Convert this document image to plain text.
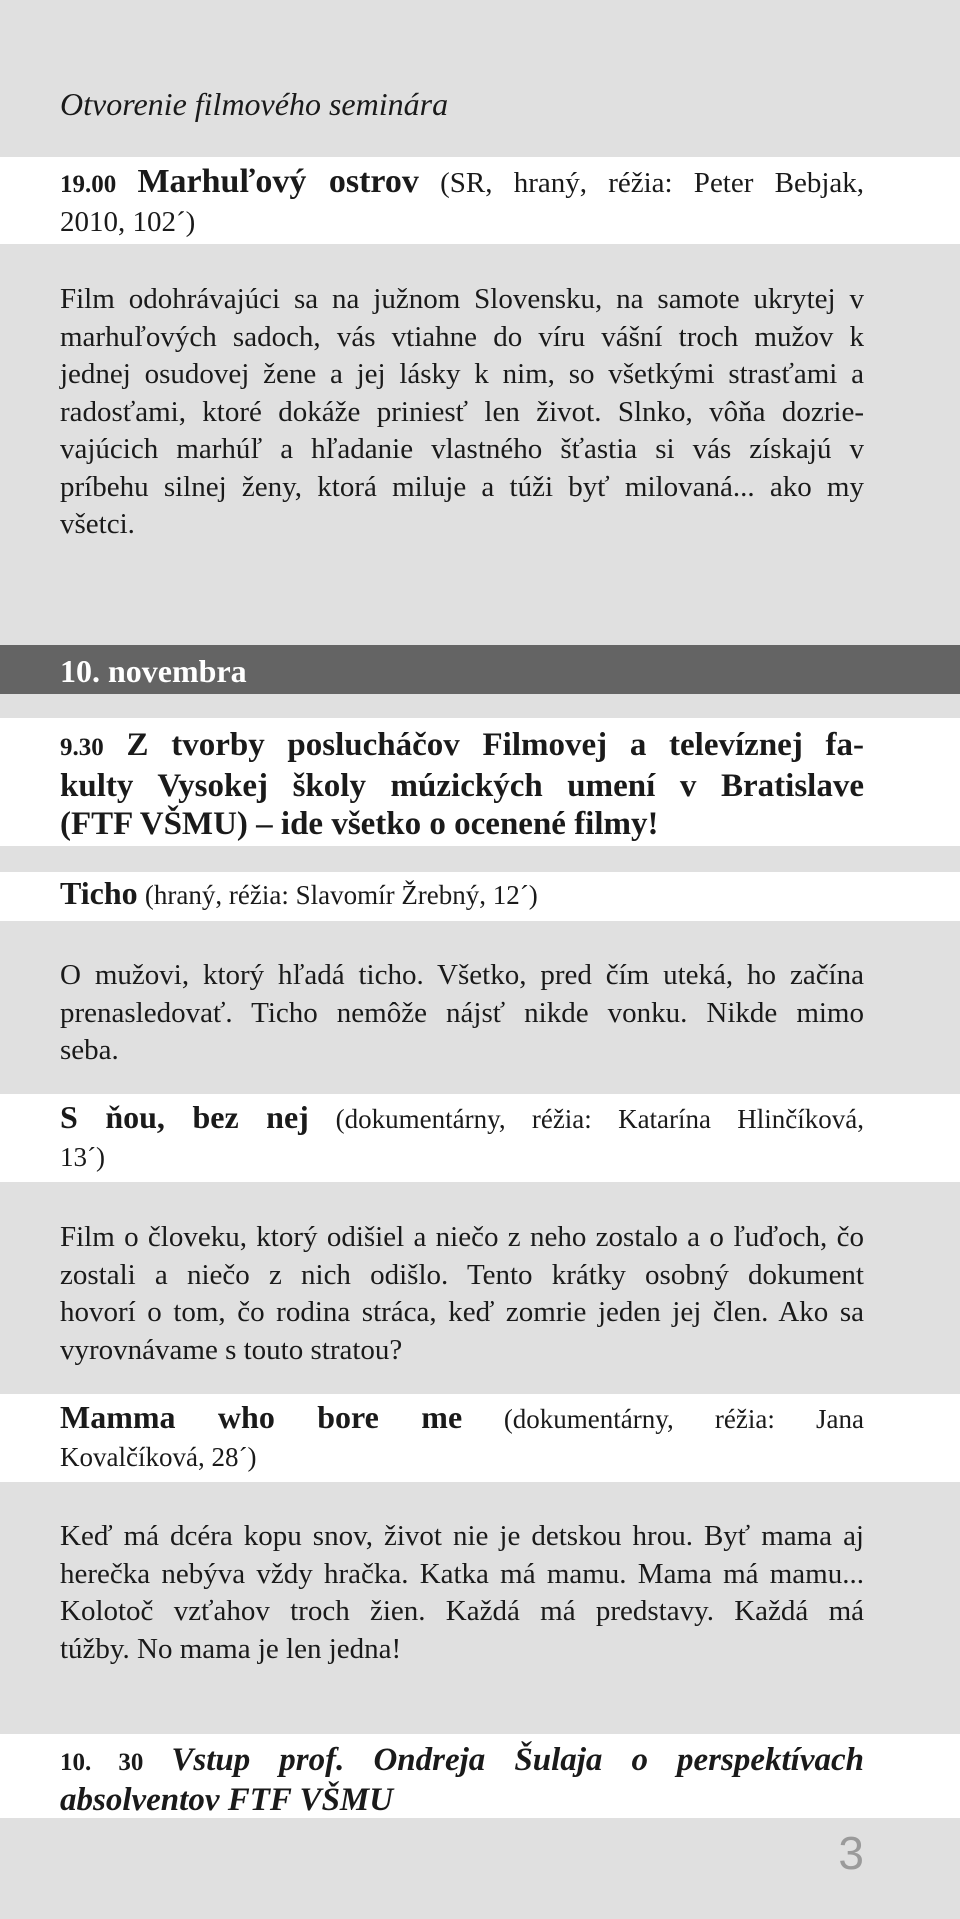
Otvorenie filmového seminára
19.00 Marhuľový ostrov (SR, hraný, réžia: Peter Bebjak,
2010, 102´)
Film odohrávajúci sa na južnom Slovensku, na samote ukrytej v
marhuľových sadoch, vás vtiahne do víru vášní troch mužov k
jednej osudovej žene a jej lásky k nim, so všetkými strasťami a
radosťami, ktoré dokáže priniesť len život. Slnko, vôňa dozrie-
vajúcich marhúľ a hľadanie vlastného šťastia si vás získajú v
príbehu silnej ženy, ktorá miluje a túži byť milovaná... ako my
všetci.
10. novembra
9.30 Z tvorby poslucháčov Filmovej a televíznej fa-
kulty Vysokej školy múzických umení v Bratislave
(FTF VŠMU) – ide všetko o ocenené filmy!
Ticho (hraný, réžia: Slavomír Žrebný, 12´)
O mužovi, ktorý hľadá ticho. Všetko, pred čím uteká, ho začína
prenasledovať. Ticho nemôže nájsť nikde vonku. Nikde mimo
seba.
S ňou, bez nej (dokumentárny, réžia: Katarína Hlinčíková,
13´)
Film o človeku, ktorý odišiel a niečo z neho zostalo a o ľuďoch, čo
zostali a niečo z nich odišlo. Tento krátky osobný dokument
hovorí o tom, čo rodina stráca, keď zomrie jeden jej člen. Ako sa
vyrovnávame s touto stratou?
Mamma who bore me (dokumentárny, réžia: Jana
Kovalčíková, 28´)
Keď má dcéra kopu snov, život nie je detskou hrou. Byť mama aj
herečka nebýva vždy hračka. Katka má mamu. Mama má mamu...
Kolotoč vzťahov troch žien. Každá má predstavy. Každá má
túžby. No mama je len jedna!
10. 30 Vstup prof. Ondreja Šulaja o perspektívach
absolventov FTF VŠMU
3
